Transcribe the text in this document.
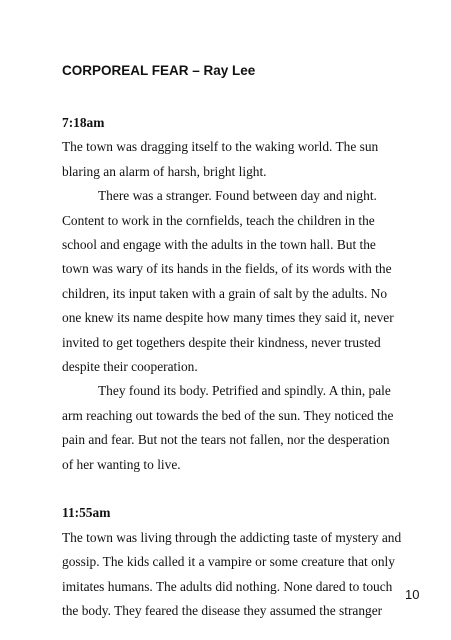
CORPOREAL FEAR – Ray Lee
7:18am
The town was dragging itself to the waking world. The sun
blaring an alarm of harsh, bright light.
There was a stranger. Found between day and night.
Content to work in the cornfields, teach the children in the
school and engage with the adults in the town hall. But the
town was wary of its hands in the fields, of its words with the
children, its input taken with a grain of salt by the adults. No
one knew its name despite how many times they said it, never
invited to get togethers despite their kindness, never trusted
despite their cooperation.
They found its body. Petrified and spindly. A thin, pale
arm reaching out towards the bed of the sun. They noticed the
pain and fear. But not the tears not fallen, nor the desperation
of her wanting to live.
11:55am
The town was living through the addicting taste of mystery and
gossip. The kids called it a vampire or some creature that only
imitates humans. The adults did nothing. None dared to touch
the body. They feared the disease they assumed the stranger
10
